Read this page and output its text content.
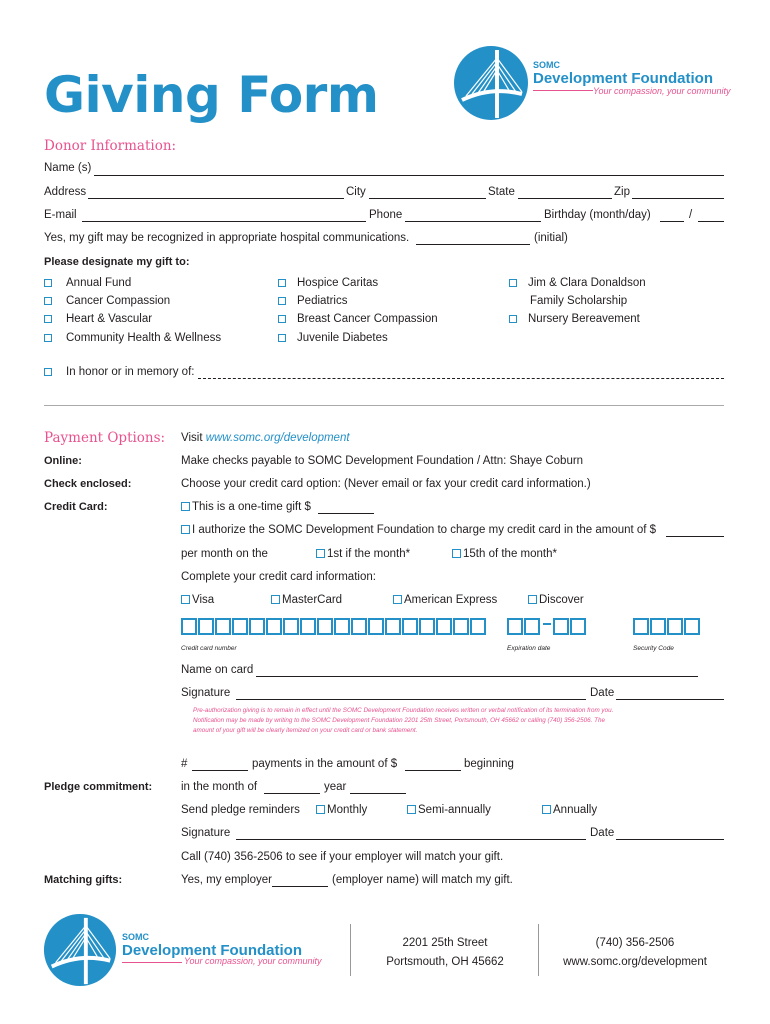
Giving Form
SOMC
Development Foundation
Your compassion, your community
Donor Information:
Name (s)
Address	City	State	Zip
E-mail	Phone	Birthday (month/day)	/
Yes, my gift may be recognized in appropriate hospital communications.	(initial)
Please designate my gift to:
Annual Fund
Cancer Compassion
Heart & Vascular
Community Health & Wellness
Hospice Caritas
Pediatrics
Breast Cancer Compassion
Juvenile Diabetes
Jim & Clara Donaldson
Family Scholarship
Nursery Bereavement
In honor or in memory of:
Payment Options: Visit www.somc.org/development
Online:	Make checks payable to SOMC Development Foundation / Attn: Shaye Coburn
Check enclosed:	Choose your credit card option: (Never email or fax your credit card information.)
Credit Card:	This is a one-time gift $
I authorize the SOMC Development Foundation to charge my credit card in the amount of $
per month on the	1st if the month*	15th of the month*
Complete your credit card information:
Visa	MasterCard	American Express	Discover
Credit card number	Expiration date	Security Code
Name on card
Signature	Date
Pre-authorization giving is to remain in effect until the SOMC Development Foundation receives written or verbal notification of its termination from you. Notification may be made by writing to the SOMC Development Foundation 2201 25th Street, Portsmouth, OH 45662 or calling (740) 356-2506. The amount of your gift will be clearly itemized on your credit card or bank statement.
#	payments in the amount of $	beginning
Pledge commitment:	in the month of	year
Send pledge reminders	Monthly	Semi-annually	Annually
Signature	Date
Call (740) 356-2506 to see if your employer will match your gift.
Matching gifts:	Yes, my employer	(employer name) will match my gift.
SOMC
Development Foundation
Your compassion, your community
2201 25th Street
Portsmouth, OH 45662
(740) 356-2506
www.somc.org/development
